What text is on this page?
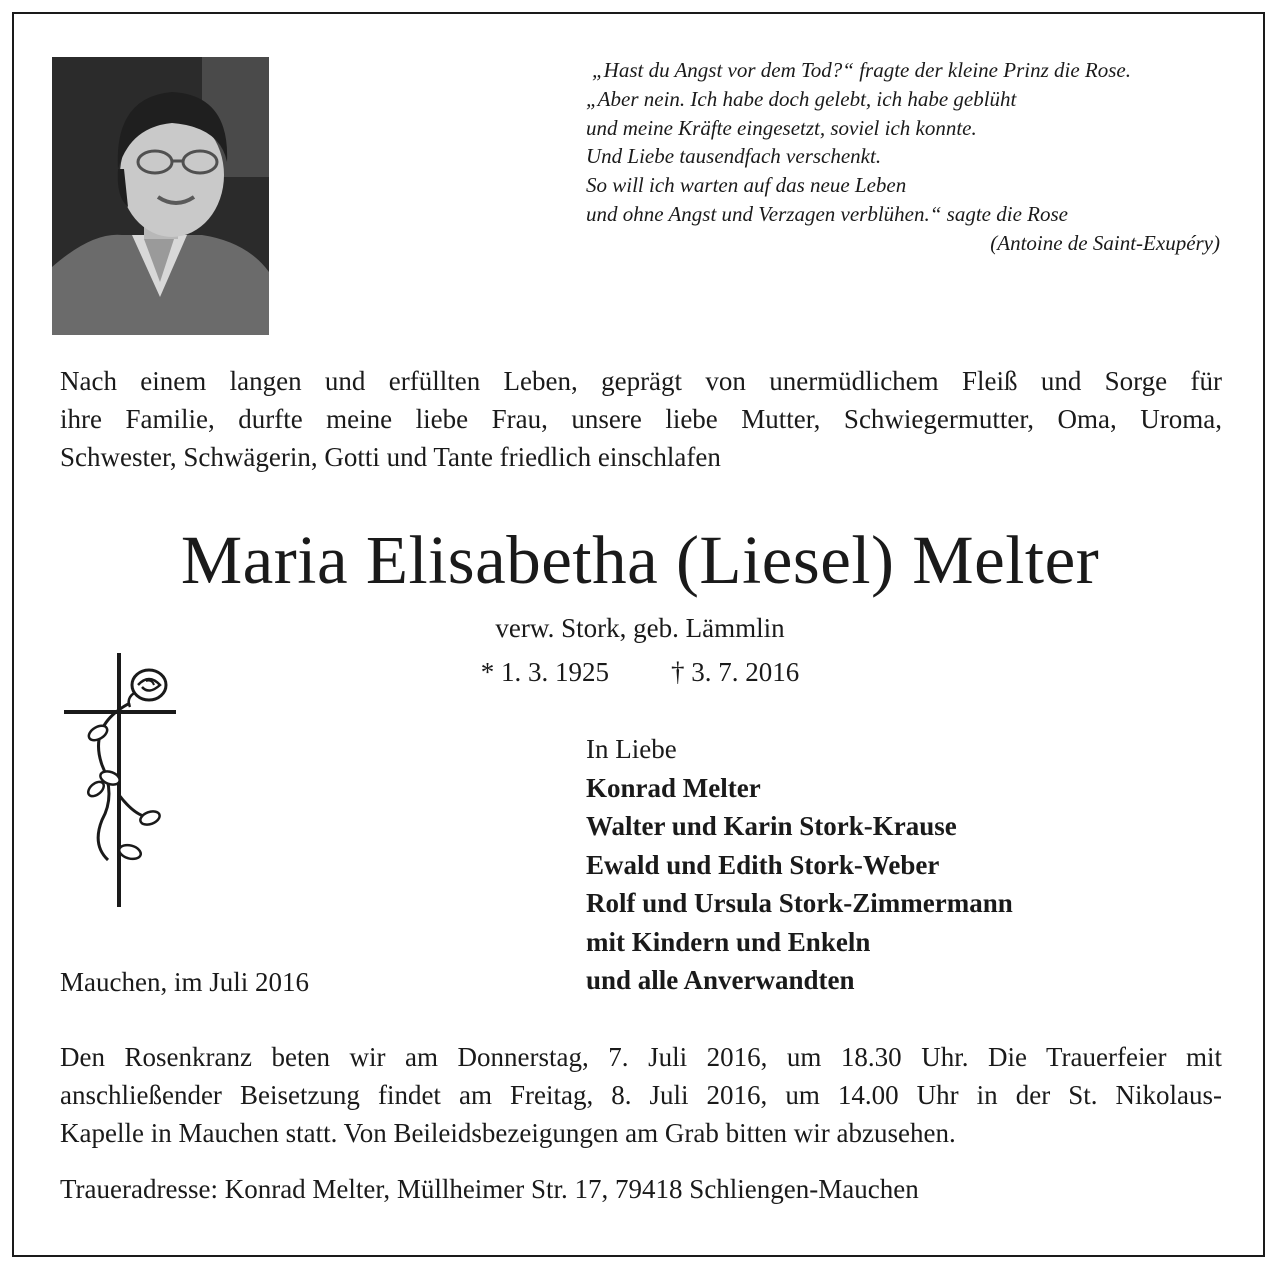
„Hast du Angst vor dem Tod?“ fragte der kleine Prinz die Rose.
„Aber nein. Ich habe doch gelebt, ich habe geblüht
und meine Kräfte eingesetzt, soviel ich konnte.
Und Liebe tausendfach verschenkt.
So will ich warten auf das neue Leben
und ohne Angst und Verzagen verblühen.“ sagte die Rose
(Antoine de Saint-Exupéry)
Nach einem langen und erfüllten Leben, geprägt von unermüdlichem Fleiß und Sorge für
ihre Familie, durfte meine liebe Frau, unsere liebe Mutter, Schwiegermutter, Oma, Uroma,
Schwester, Schwägerin, Gotti und Tante friedlich einschlafen
Maria Elisabetha (Liesel) Melter
verw. Stork, geb. Lämmlin
* 1. 3. 1925 † 3. 7. 2016
Mauchen, im Juli 2016
In Liebe
Konrad Melter
Walter und Karin Stork-Krause
Ewald und Edith Stork-Weber
Rolf und Ursula Stork-Zimmermann
mit Kindern und Enkeln
und alle Anverwandten
Den Rosenkranz beten wir am Donnerstag, 7. Juli 2016, um 18.30 Uhr. Die Trauerfeier mit
anschließender Beisetzung findet am Freitag, 8. Juli 2016, um 14.00 Uhr in der St. Nikolaus-
Kapelle in Mauchen statt. Von Beileidsbezeigungen am Grab bitten wir abzusehen.
Traueradresse: Konrad Melter, Müllheimer Str. 17, 79418 Schliengen-Mauchen
